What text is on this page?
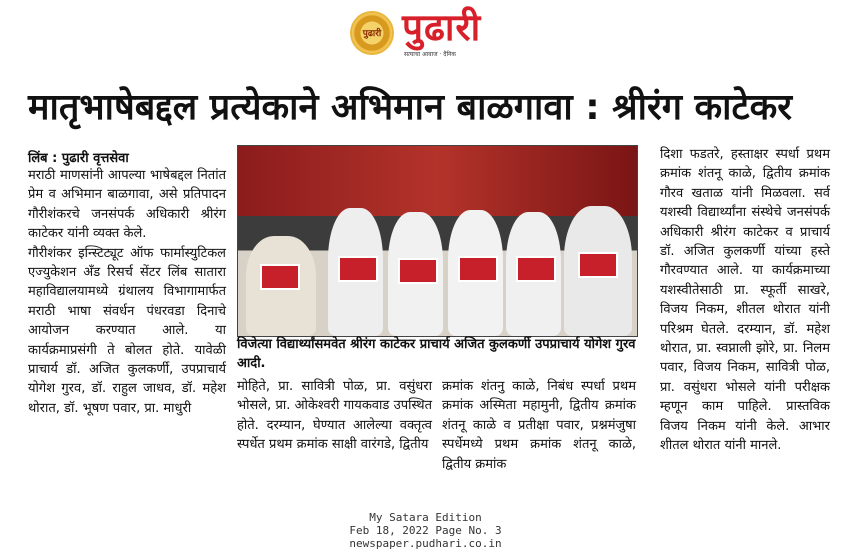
पुढारी पुढारी
सत्याचा आवाज · दैनिक
मातृभाषेबद्दल प्रत्येकाने अभिमान बाळगावा : श्रीरंग काटेकर
लिंब : पुढारी वृत्तसेवा

मराठी माणसांनी आपल्या भाषेबद्दल नितांत प्रेम व अभिमान बाळगावा, असे प्रतिपादन गौरीशंकरचे जनसंपर्क अधिकारी श्रीरंग काटेकर यांनी व्यक्त केले.

गौरीशंकर इन्स्टिट्यूट ऑफ फार्मास्युटिकल एज्युकेशन अँड रिसर्च सेंटर लिंब सातारा महाविद्यालयामध्ये ग्रंथालय विभागामार्फत मराठी भाषा संवर्धन पंधरवडा दिनाचे आयोजन करण्यात आले. या कार्यक्रमाप्रसंगी ते बोलत होते. यावेळी प्राचार्य डॉ. अजित कुलकर्णी, उपप्राचार्य योगेश गुरव, डॉ. राहुल जाधव, डॉ. महेश थोरात, डॉ. भूषण पवार, प्रा. माधुरी

विजेत्या विद्यार्थ्यांसमवेत श्रीरंग काटेकर प्राचार्य अजित कुलकर्णी उपप्राचार्य योगेश गुरव आदी.
मोहिते, प्रा. सावित्री पोळ, प्रा. वसुंधरा भोसले, प्रा. ओकेश्वरी गायकवाड उपस्थित होते. दरम्यान, घेण्यात आलेल्या वक्तृत्व स्पर्धेत प्रथम क्रमांक साक्षी वारंगडे, द्वितीय
क्रमांक शंतनु काळे, निबंध स्पर्धा प्रथम क्रमांक अस्मिता महामुनी, द्वितीय क्रमांक शंतनू काळे व प्रतीक्षा पवार, प्रश्नमंजुषा स्पर्धेमध्ये प्रथम क्रमांक शंतनू काळे, द्वितीय क्रमांक
दिशा फडतरे, हस्ताक्षर स्पर्धा प्रथम क्रमांक शंतनू काळे, द्वितीय क्रमांक गौरव खताळ यांनी मिळवला. सर्व यशस्वी विद्यार्थ्यांना संस्थेचे जनसंपर्क अधिकारी श्रीरंग काटेकर व प्राचार्य डॉ. अजित कुलकर्णी यांच्या हस्ते गौरवण्यात आले. या कार्यक्रमाच्या यशस्वीतेसाठी प्रा. स्फूर्ती साखरे, विजय निकम, शीतल थोरात यांनी परिश्रम घेतले. दरम्यान, डॉ. महेश थोरात, प्रा. स्वप्नाली झोरे, प्रा. निलम पवार, विजय निकम, सावित्री पोळ, प्रा. वसुंधरा भोसले यांनी परीक्षक म्हणून काम पाहिले. प्रास्तविक विजय निकम यांनी केले. आभार शीतल थोरात यांनी मानले.
My Satara Edition
Feb 18, 2022 Page No. 3
newspaper.pudhari.co.in
